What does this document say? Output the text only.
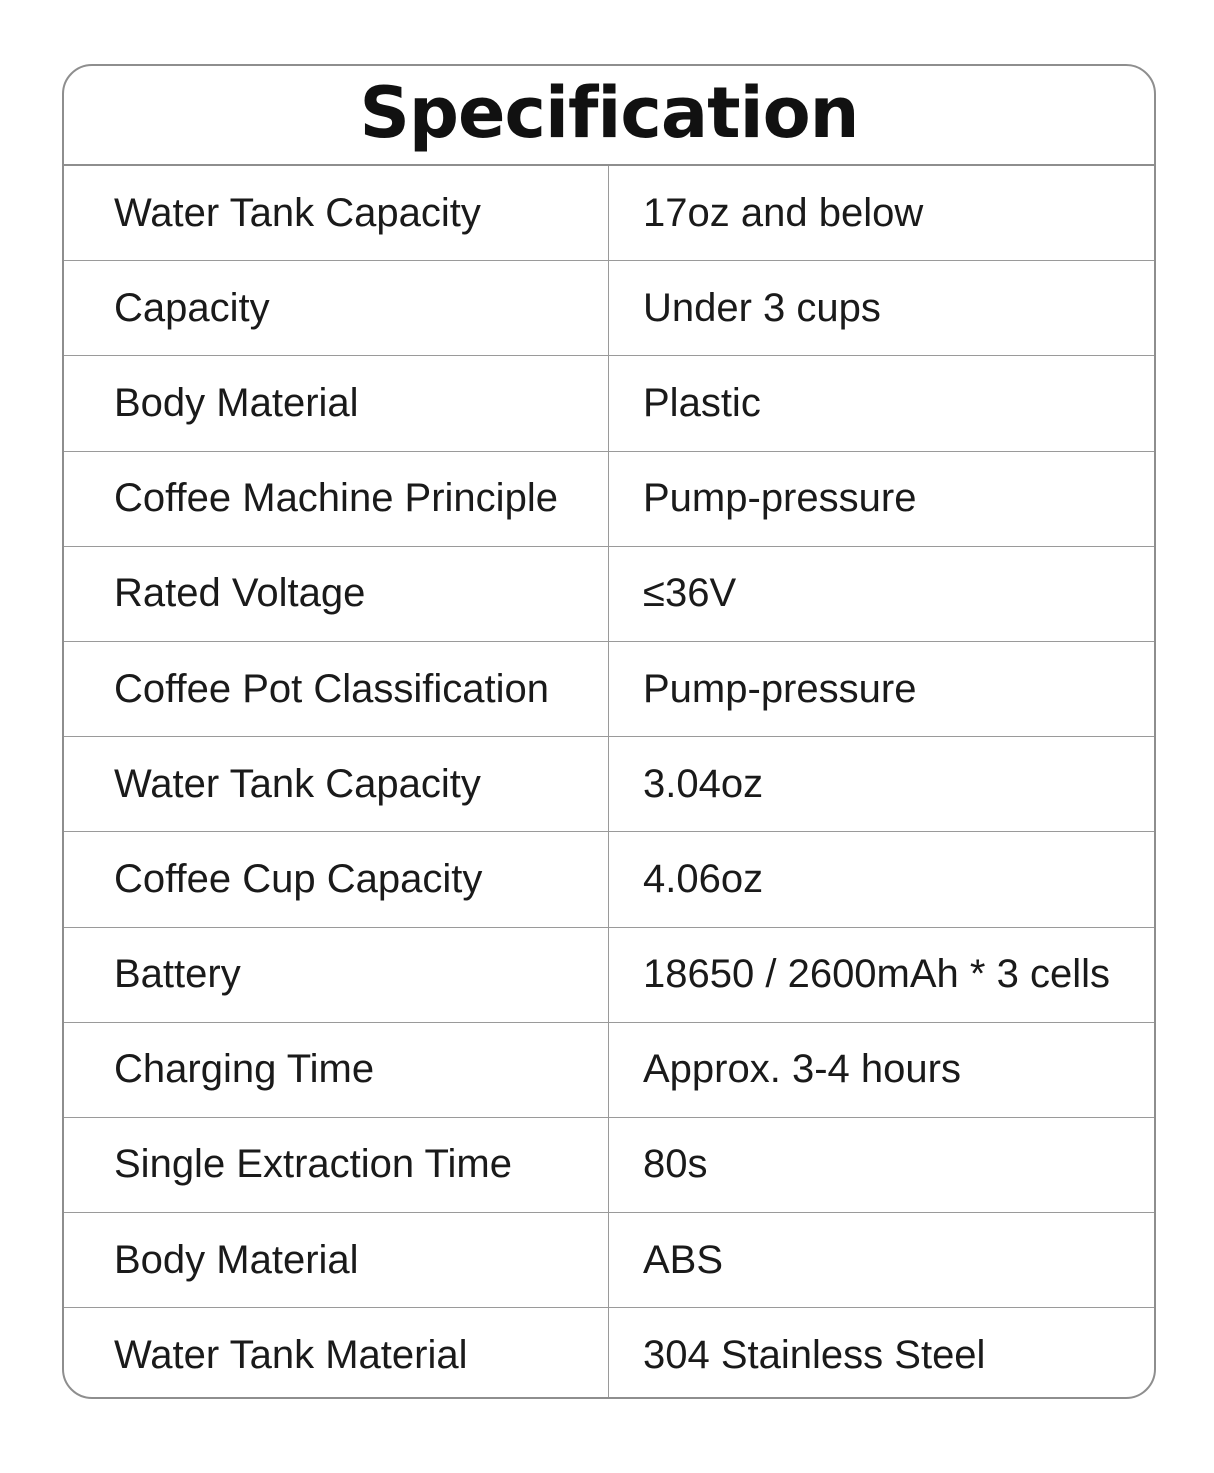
Specification
Water Tank Capacity	17oz and below
Capacity	Under 3 cups
Body Material	Plastic
Coffee Machine Principle	Pump-pressure
Rated Voltage	≤36V
Coffee Pot Classification	Pump-pressure
Water Tank Capacity	3.04oz
Coffee Cup Capacity	4.06oz
Battery	18650 / 2600mAh * 3 cells
Charging Time	Approx. 3-4 hours
Single Extraction Time	80s
Body Material	ABS
Water Tank Material	304 Stainless Steel
